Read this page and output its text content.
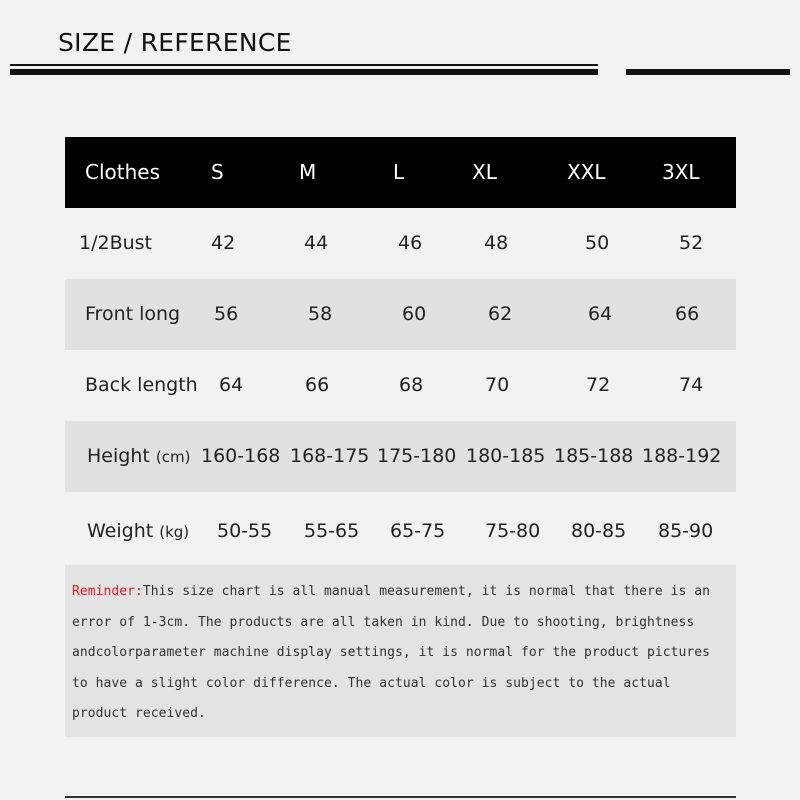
SIZE / REFERENCE
Clothes	S	M	L	XL	XXL	3XL
1/2Bust	42	44	46	48	50	52
Front long 56	58	60	62	64	66
Back length 64	66	68	70	72	74
Height (cm) 160-168 168-175 175-180 180-185 185-188 188-192
Weight (kg) 50-55 55-65 65-75 75-80 80-85 85-90
Reminder:This size chart is all manual measurement, it is normal that there is an
error of 1-3cm. The products are all taken in kind. Due to shooting, brightness
andcolorparameter machine display settings, it is normal for the product pictures
to have a slight color difference. The actual color is subject to the actual
product received.
